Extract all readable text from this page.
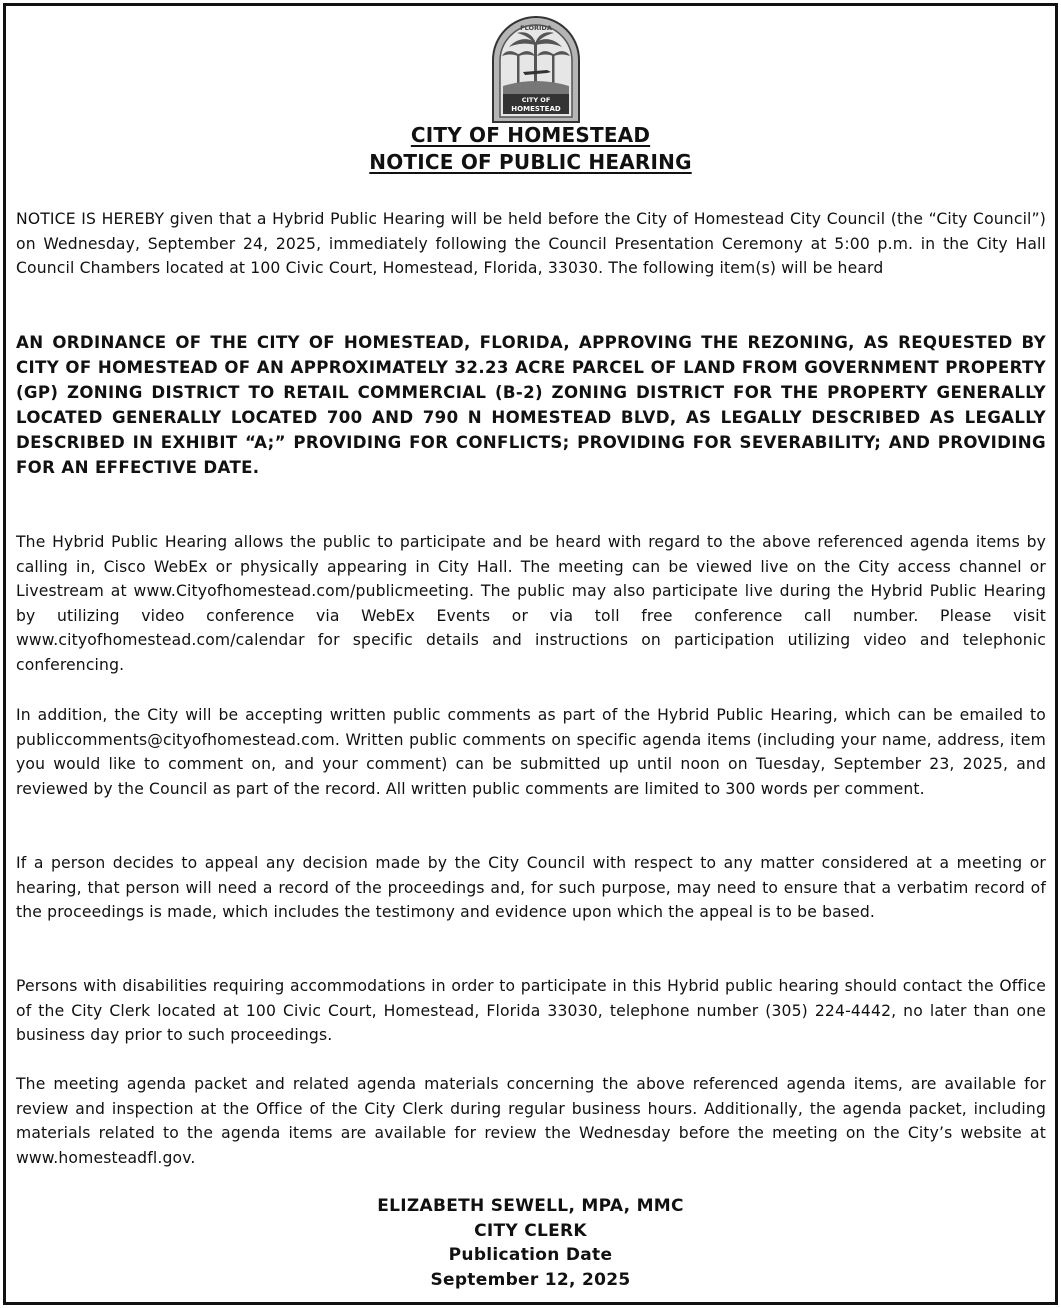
FLORIDA
CITY OF
HOMESTEAD
CITY OF HOMESTEAD
NOTICE OF PUBLIC HEARING

NOTICE IS HEREBY given that a Hybrid Public Hearing will be held before the City of Homestead City Council (the “City Council”) on Wednesday, September 24, 2025, immediately following the Council Presentation Ceremony at 5:00 p.m. in the City Hall Council Chambers located at 100 Civic Court, Homestead, Florida, 33030. The following item(s) will be heard

AN ORDINANCE OF THE CITY OF HOMESTEAD, FLORIDA, APPROVING THE REZONING, AS REQUESTED BY CITY OF HOMESTEAD OF AN APPROXIMATELY 32.23 ACRE PARCEL OF LAND FROM GOVERNMENT PROPERTY (GP) ZONING DISTRICT TO RETAIL COMMERCIAL (B-2) ZONING DISTRICT FOR THE PROPERTY GENERALLY LOCATED GENERALLY LOCATED 700 AND 790 N HOMESTEAD BLVD, AS LEGALLY DESCRIBED AS LEGALLY DESCRIBED IN EXHIBIT “A;” PROVIDING FOR CONFLICTS; PROVIDING FOR SEVERABILITY; AND PROVIDING FOR AN EFFECTIVE DATE.

The Hybrid Public Hearing allows the public to participate and be heard with regard to the above referenced agenda items by calling in, Cisco WebEx or physically appearing in City Hall. The meeting can be viewed live on the City access channel or Livestream at www.Cityofhomestead.com/publicmeeting. The public may also participate live during the Hybrid Public Hearing by utilizing video conference via WebEx Events or via toll free conference call number. Please visit www.cityofhomestead.com/calendar for specific details and instructions on participation utilizing video and telephonic conferencing.

In addition, the City will be accepting written public comments as part of the Hybrid Public Hearing, which can be emailed to publiccomments@cityofhomestead.com. Written public comments on specific agenda items (including your name, address, item you would like to comment on, and your comment) can be submitted up until noon on Tuesday, September 23, 2025, and reviewed by the Council as part of the record. All written public comments are limited to 300 words per comment.

If a person decides to appeal any decision made by the City Council with respect to any matter considered at a meeting or hearing, that person will need a record of the proceedings and, for such purpose, may need to ensure that a verbatim record of the proceedings is made, which includes the testimony and evidence upon which the appeal is to be based.

Persons with disabilities requiring accommodations in order to participate in this Hybrid public hearing should contact the Office of the City Clerk located at 100 Civic Court, Homestead, Florida 33030, telephone number (305) 224-4442, no later than one business day prior to such proceedings.

The meeting agenda packet and related agenda materials concerning the above referenced agenda items, are available for review and inspection at the Office of the City Clerk during regular business hours. Additionally, the agenda packet, including materials related to the agenda items are available for review the Wednesday before the meeting on the City’s website at www.homesteadfl.gov.

ELIZABETH SEWELL, MPA, MMC
CITY CLERK
Publication Date
September 12, 2025
